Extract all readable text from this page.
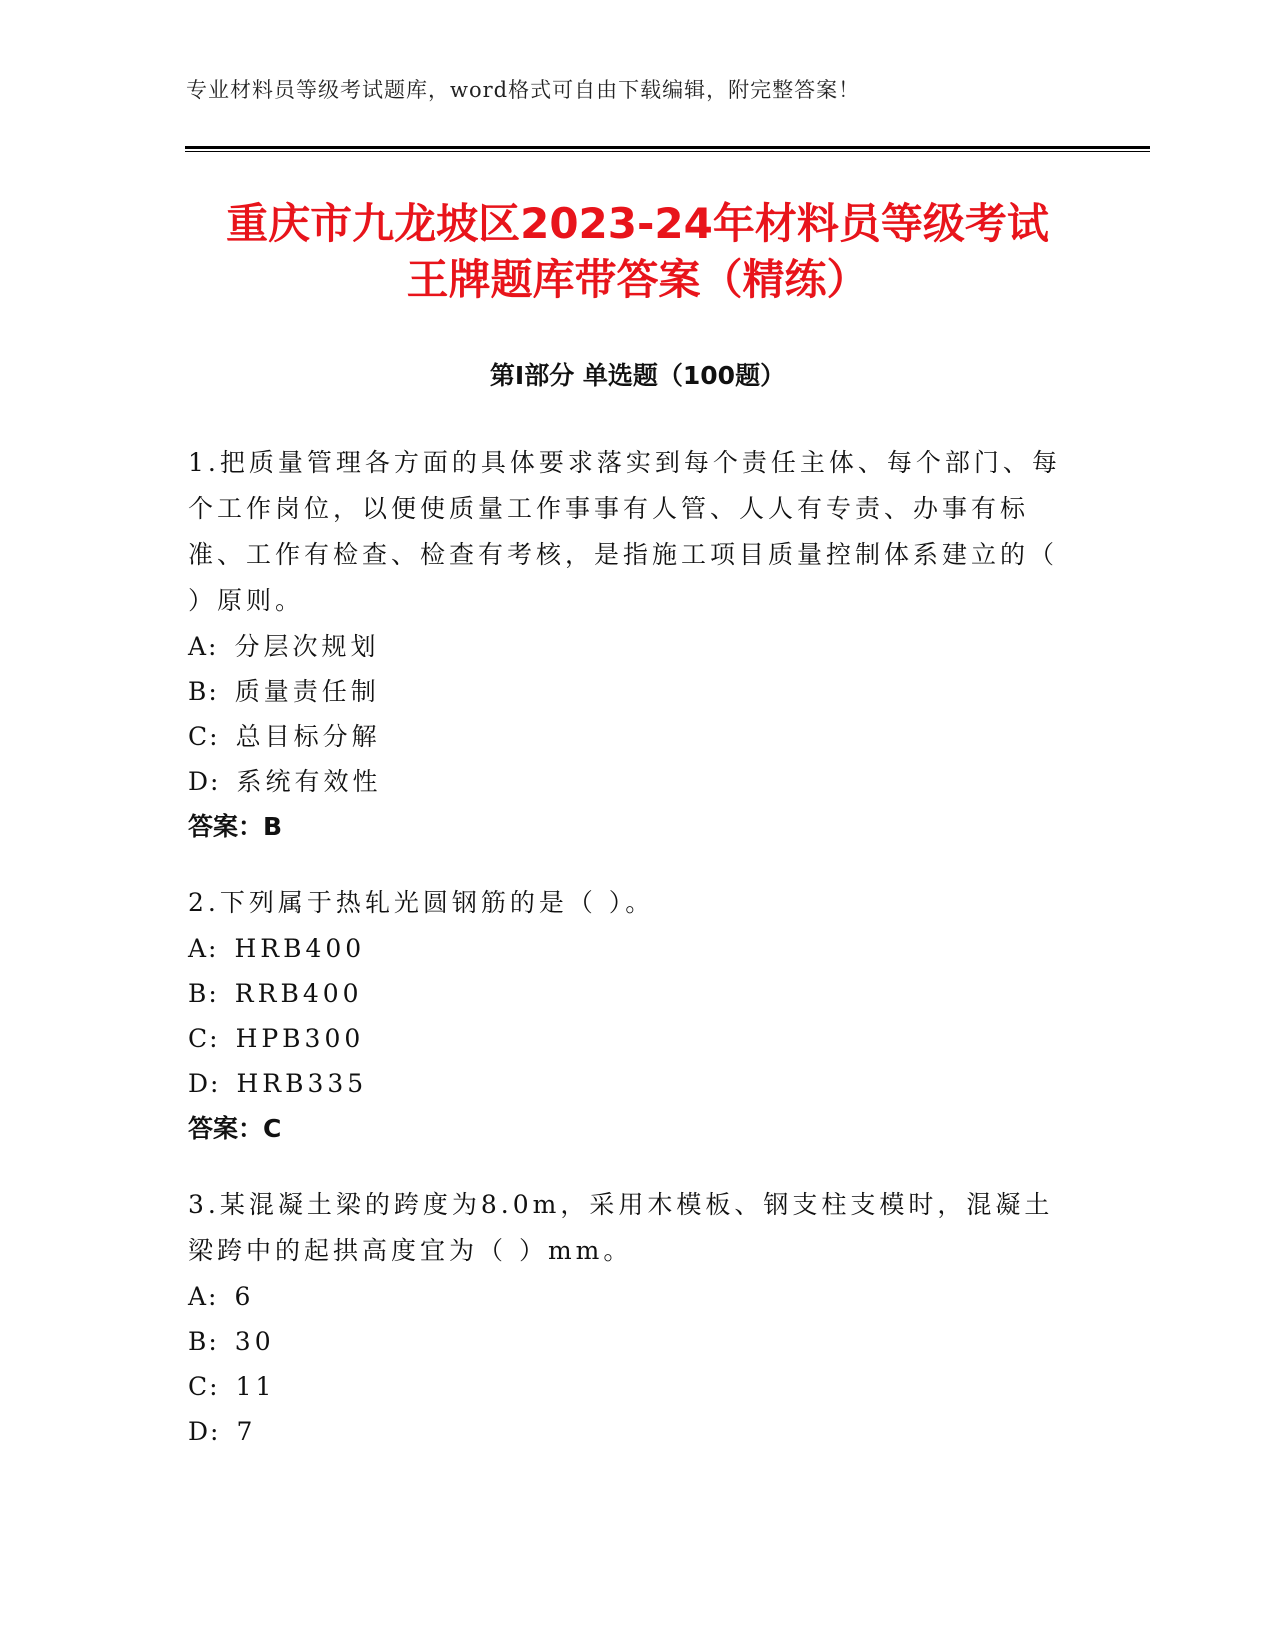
专业材料员等级考试题库，word格式可自由下载编辑，附完整答案！
重庆市九龙坡区2023-24年材料员等级考试
王牌题库带答案（精练）
第Ⅰ部分 单选题（100题）

1.把质量管理各方面的具体要求落实到每个责任主体、每个部门、每个工作岗位，以便使质量工作事事有人管、人人有专责、办事有标准、工作有检查、检查有考核，是指施工项目质量控制体系建立的（ ）原则。

A: 分层次规划

B: 质量责任制

C: 总目标分解

D: 系统有效性

答案：B

2.下列属于热轧光圆钢筋的是（ ）。

A: HRB400

B: RRB400

C: HPB300

D: HRB335

答案：C

3.某混凝土梁的跨度为8.0m，采用木模板、钢支柱支模时，混凝土梁跨中的起拱高度宜为（ ）mm。

A: 6

B: 30

C: 11

D: 7
